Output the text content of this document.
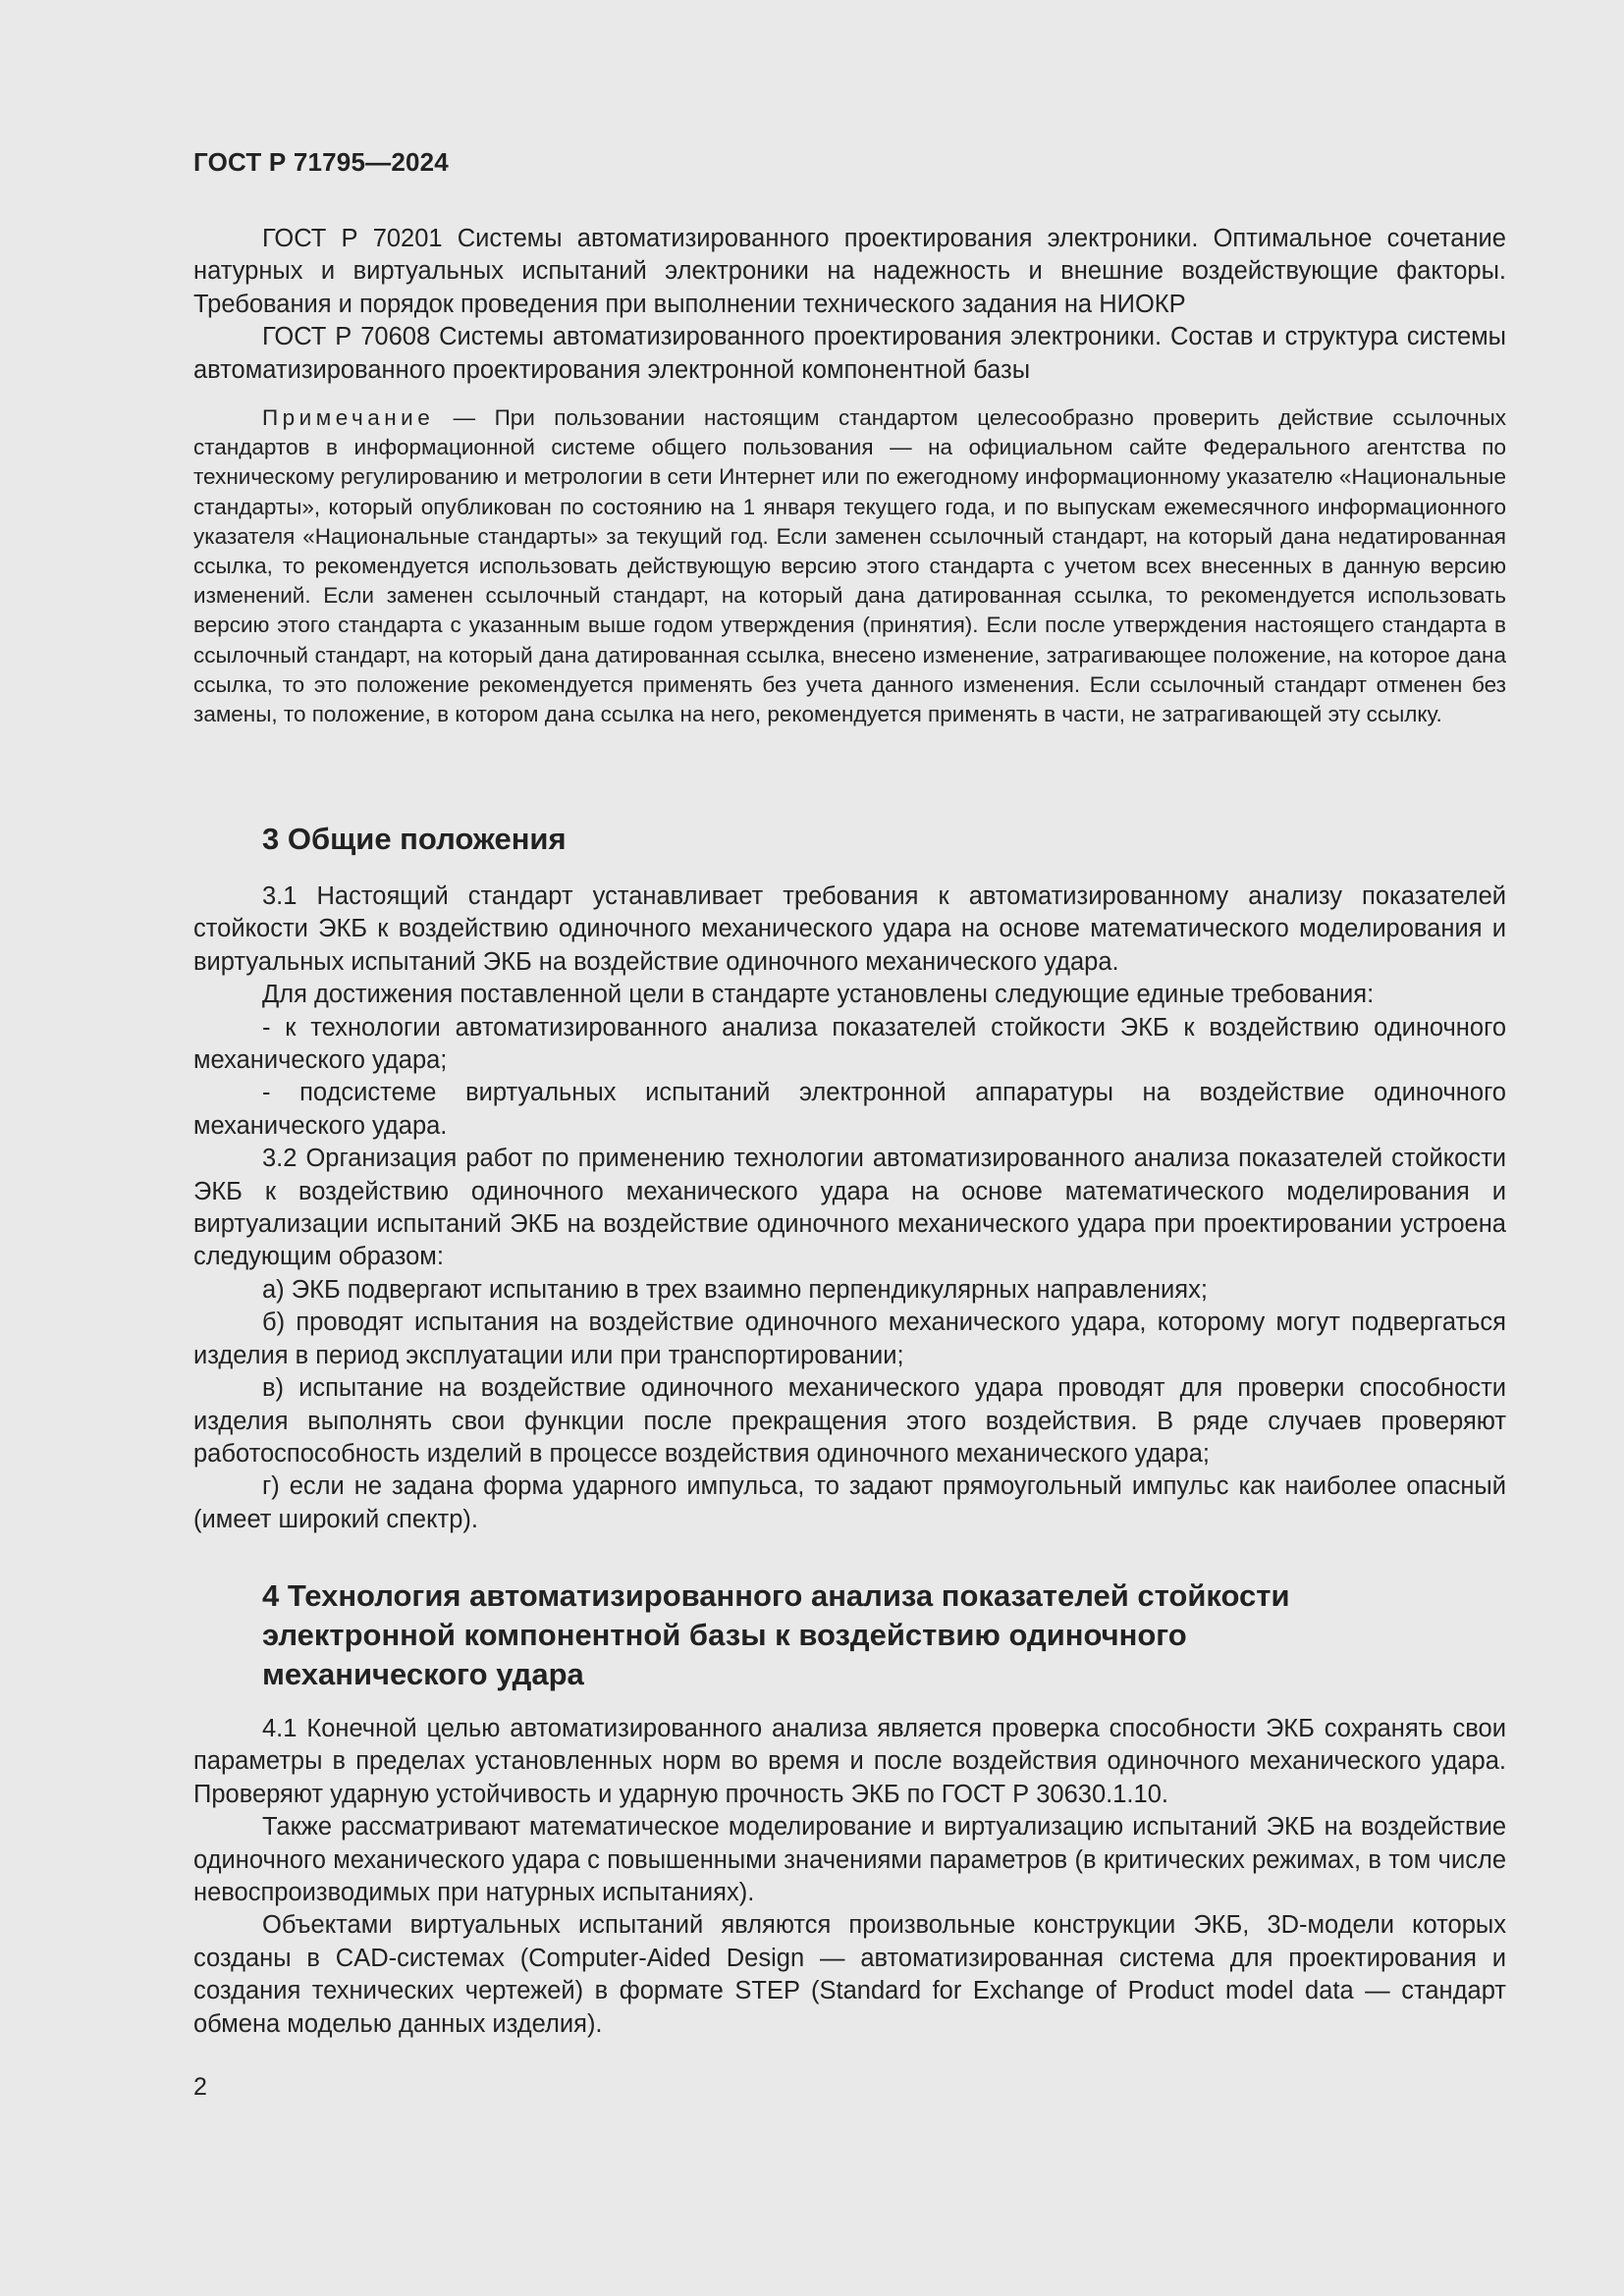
ГОСТ Р 71795—2024

ГОСТ Р 70201 Системы автоматизированного проектирования электроники. Оптимальное сочетание натурных и виртуальных испытаний электроники на надежность и внешние воздействующие факторы. Требования и порядок проведения при выполнении технического задания на НИОКР

ГОСТ Р 70608 Системы автоматизированного проектирования электроники. Состав и структура системы автоматизированного проектирования электронной компонентной базы

Примечание — При пользовании настоящим стандартом целесообразно проверить действие ссылочных стандартов в информационной системе общего пользования — на официальном сайте Федерального агентства по техническому регулированию и метрологии в сети Интернет или по ежегодному информационному указателю «Национальные стандарты», который опубликован по состоянию на 1 января текущего года, и по выпускам ежемесячного информационного указателя «Национальные стандарты» за текущий год. Если заменен ссылочный стандарт, на который дана недатированная ссылка, то рекомендуется использовать действующую версию этого стандарта с учетом всех внесенных в данную версию изменений. Если заменен ссылочный стандарт, на который дана датированная ссылка, то рекомендуется использовать версию этого стандарта с указанным выше годом утверждения (принятия). Если после утверждения настоящего стандарта в ссылочный стандарт, на который дана датированная ссылка, внесено изменение, затрагивающее положение, на которое дана ссылка, то это положение рекомендуется применять без учета данного изменения. Если ссылочный стандарт отменен без замены, то положение, в котором дана ссылка на него, рекомендуется применять в части, не затрагивающей эту ссылку.

3 Общие положения

3.1 Настоящий стандарт устанавливает требования к автоматизированному анализу показателей стойкости ЭКБ к воздействию одиночного механического удара на основе математического моделирования и виртуальных испытаний ЭКБ на воздействие одиночного механического удара.

Для достижения поставленной цели в стандарте установлены следующие единые требования:

- к технологии автоматизированного анализа показателей стойкости ЭКБ к воздействию одиночного механического удара;

- подсистеме виртуальных испытаний электронной аппаратуры на воздействие одиночного механического удара.

3.2 Организация работ по применению технологии автоматизированного анализа показателей стойкости ЭКБ к воздействию одиночного механического удара на основе математического моделирования и виртуализации испытаний ЭКБ на воздействие одиночного механического удара при проектировании устроена следующим образом:

а) ЭКБ подвергают испытанию в трех взаимно перпендикулярных направлениях;

б) проводят испытания на воздействие одиночного механического удара, которому могут подвергаться изделия в период эксплуатации или при транспортировании;

в) испытание на воздействие одиночного механического удара проводят для проверки способности изделия выполнять свои функции после прекращения этого воздействия. В ряде случаев проверяют работоспособность изделий в процессе воздействия одиночного механического удара;

г) если не задана форма ударного импульса, то задают прямоугольный импульс как наиболее опасный (имеет широкий спектр).

4 Технология автоматизированного анализа показателей стойкости
электронной компонентной базы к воздействию одиночного
механического удара

4.1 Конечной целью автоматизированного анализа является проверка способности ЭКБ сохранять свои параметры в пределах установленных норм во время и после воздействия одиночного механического удара. Проверяют ударную устойчивость и ударную прочность ЭКБ по ГОСТ Р 30630.1.10.

Также рассматривают математическое моделирование и виртуализацию испытаний ЭКБ на воздействие одиночного механического удара с повышенными значениями параметров (в критических режимах, в том числе невоспроизводимых при натурных испытаниях).

Объектами виртуальных испытаний являются произвольные конструкции ЭКБ, 3D-модели которых созданы в CAD-системах (Computer-Aided Design — автоматизированная система для проектирования и создания технических чертежей) в формате STEP (Standard for Exchange of Product model data — стандарт обмена моделью данных изделия).

2
